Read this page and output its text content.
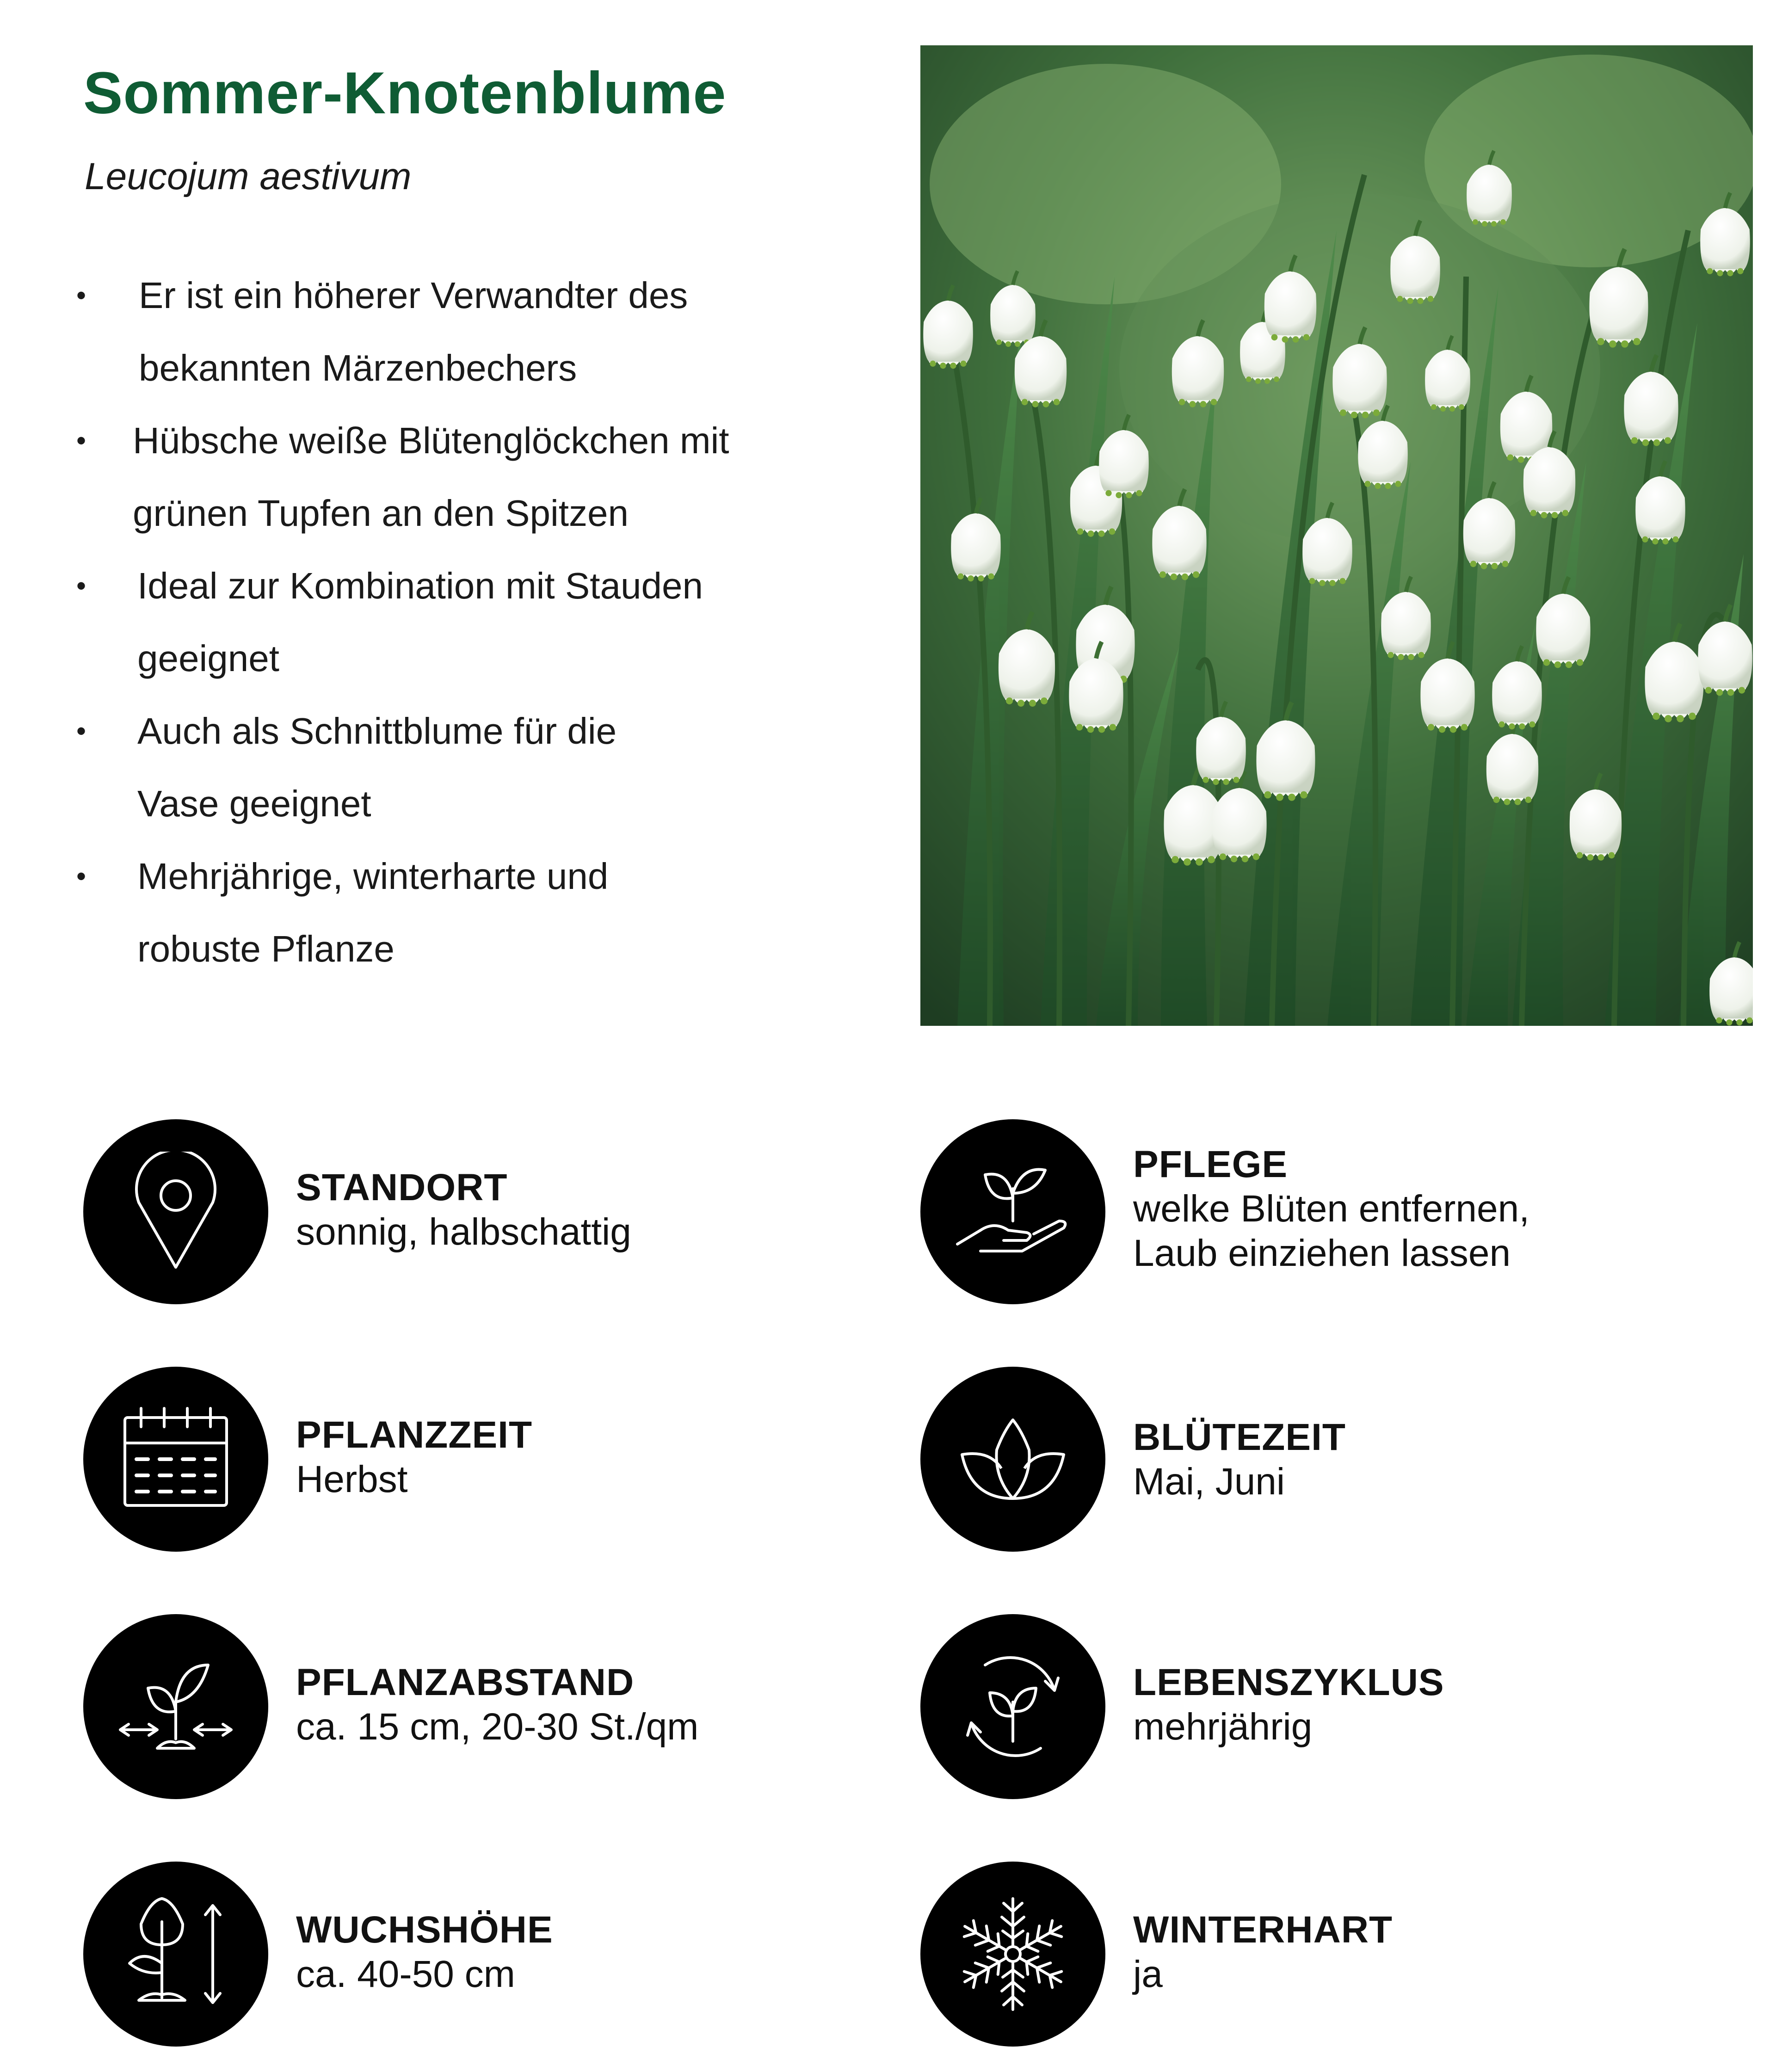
Sommer-Knotenblume

Leucojum aestivum

• Er ist ein höherer Verwandter des
bekannten Märzenbechers
• Hübsche weiße Blütenglöckchen mit
grünen Tupfen an den Spitzen
• Ideal zur Kombination mit Stauden
geeignet
• Auch als Schnittblume für die
Vase geeignet
• Mehrjährige, winterharte und
robuste Pflanze
STANDORT
sonnig, halbschattig
PFLEGE
welke Blüten entfernen,
Laub einziehen lassen
PFLANZZEIT
Herbst
BLÜTEZEIT
Mai, Juni
PFLANZABSTAND
ca. 15 cm, 20-30 St./qm
LEBENSZYKLUS
mehrjährig
WUCHSHÖHE
ca. 40-50 cm
WINTERHART
ja
